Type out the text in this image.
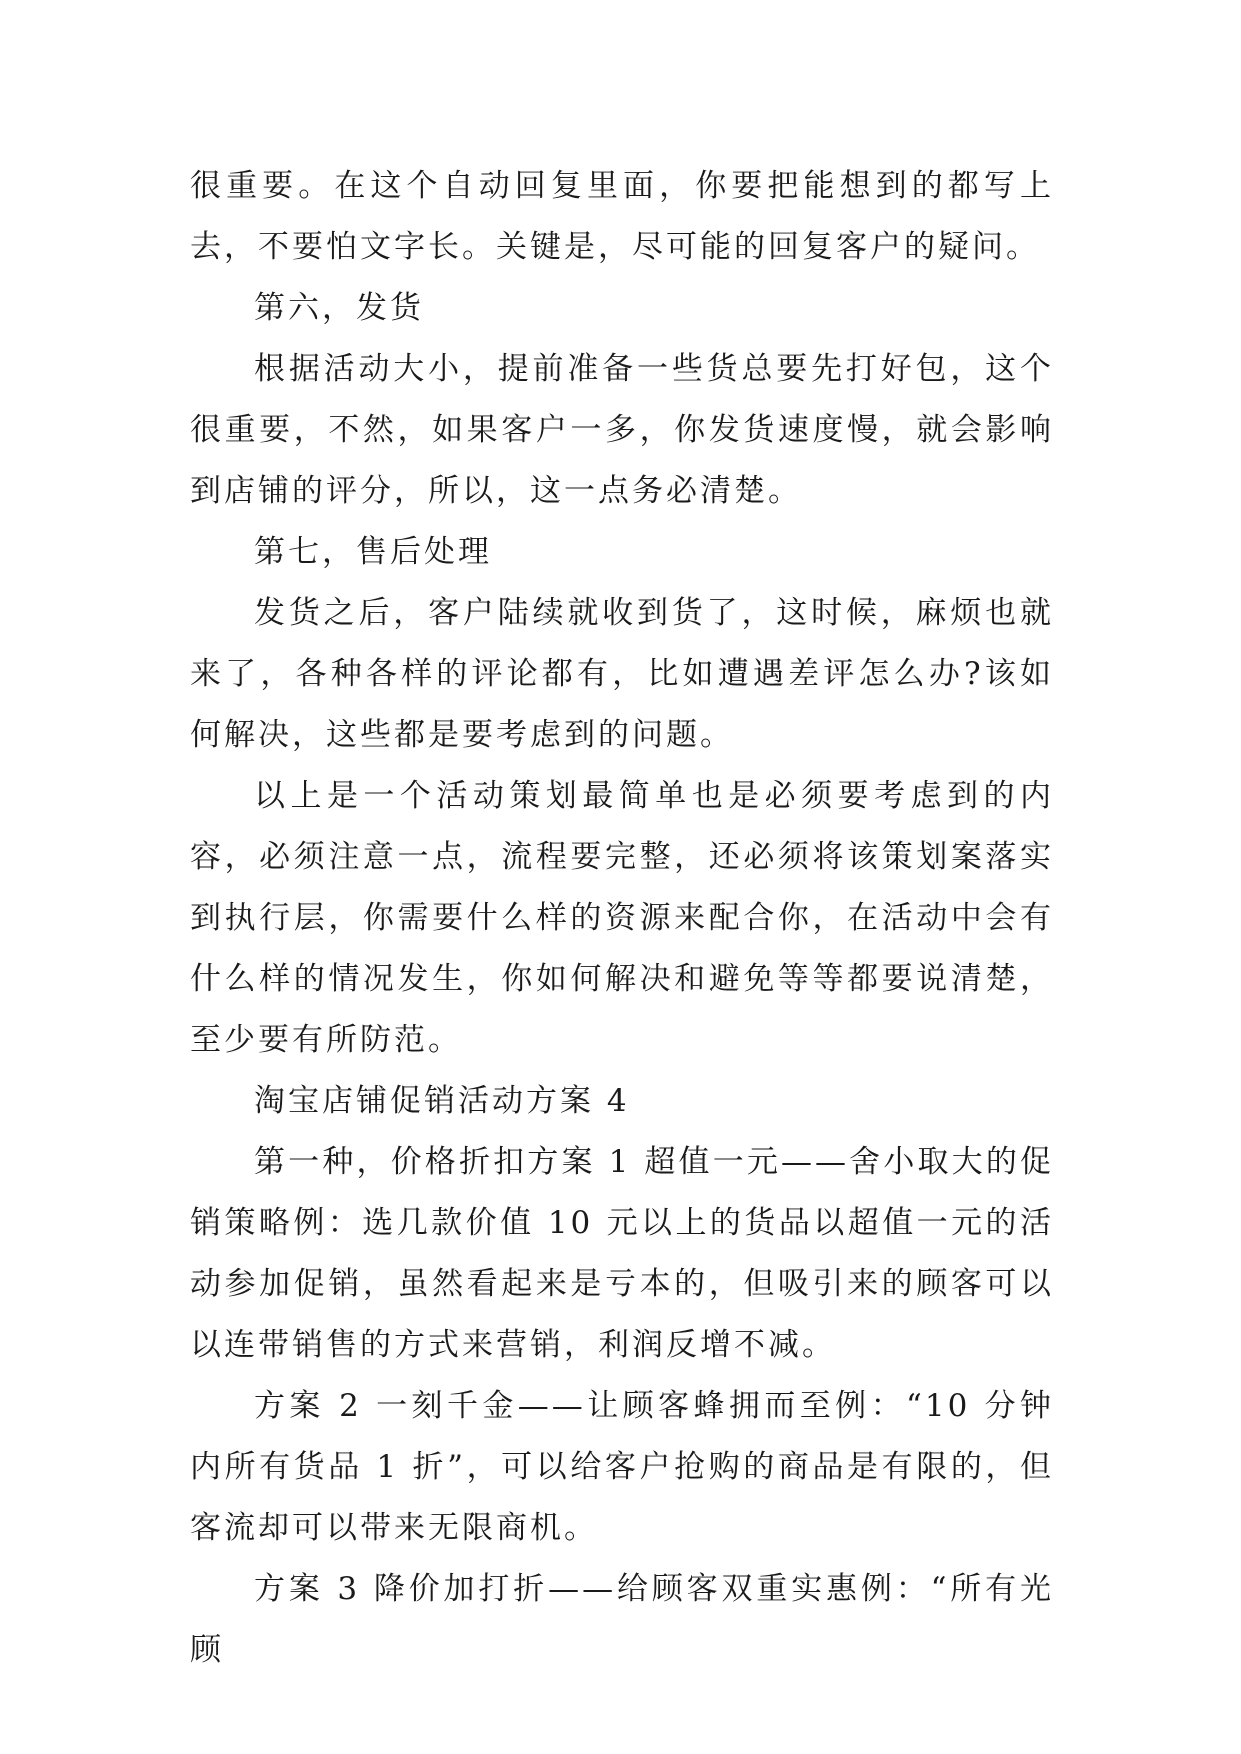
很重要。在这个自动回复里面，你要把能想到的都写上去，不要怕文字长。关键是，尽可能的回复客户的疑问。

第六，发货

根据活动大小，提前准备一些货总要先打好包，这个很重要，不然，如果客户一多，你发货速度慢，就会影响到店铺的评分，所以，这一点务必清楚。

第七，售后处理

发货之后，客户陆续就收到货了，这时候，麻烦也就来了，各种各样的评论都有，比如遭遇差评怎么办?该如何解决，这些都是要考虑到的问题。

以上是一个活动策划最简单也是必须要考虑到的内容，必须注意一点，流程要完整，还必须将该策划案落实到执行层，你需要什么样的资源来配合你，在活动中会有什么样的情况发生，你如何解决和避免等等都要说清楚，至少要有所防范。

淘宝店铺促销活动方案 4

第一种，价格折扣方案 1 超值一元——舍小取大的促销策略例：选几款价值 10 元以上的货品以超值一元的活动参加促销，虽然看起来是亏本的，但吸引来的顾客可以以连带销售的方式来营销，利润反增不减。

方案 2 一刻千金——让顾客蜂拥而至例：“10 分钟内所有货品 1 折”，可以给客户抢购的商品是有限的，但客流却可以带来无限商机。

方案 3 降价加打折——给顾客双重实惠例：“所有光顾
